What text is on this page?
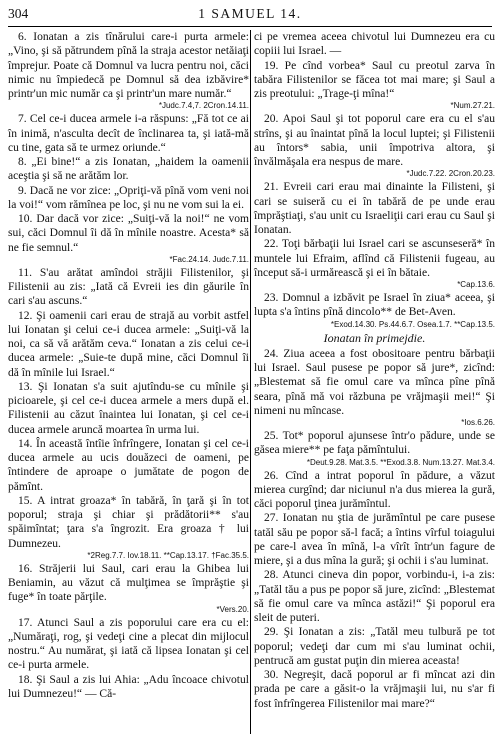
304	1 SAMUEL 14.

6. Ionatan a zis tînărului care-i purta armele: „Vino, şi să pătrundem pînă la straja acestor netăiaţi împrejur. Poate că Domnul va lucra pentru noi, căci nimic nu împiedecă pe Domnul să dea izbăvire* printr'un mic număr ca şi printr'un mare număr.“

*Judc.7.4,7. 2Cron.14.11.

7. Cel ce-i ducea armele i-a răspuns: „Fă tot ce ai în inimă, n'asculta decît de înclinarea ta, şi iată-mă cu tine, gata să te urmez oriunde.“

8. „Ei bine!“ a zis Ionatan, „haidem la oamenii aceştia şi să ne arătăm lor.

9. Dacă ne vor zice: „Opriţi-vă pînă vom veni noi la voi!“ vom rămînea pe loc, şi nu ne vom sui la ei.

10. Dar dacă vor zice: „Suiţi-vă la noi!“ ne vom sui, căci Domnul îi dă în mînile noastre. Acesta* să ne fie semnul.“

*Fac.24.14. Judc.7.11.

11. S'au arătat amîndoi străjii Filistenilor, şi Filistenii au zis: „Iată că Evreii ies din găurile în cari s'au ascuns.“

12. Şi oamenii cari erau de strajă au vorbit astfel lui Ionatan şi celui ce-i ducea armele: „Suiţi-vă la noi, ca să vă arătăm ceva.“ Ionatan a zis celui ce-i ducea armele: „Suie-te după mine, căci Domnul îi dă în mînile lui Israel.“

13. Şi Ionatan s'a suit ajutîndu-se cu mînile şi picioarele, şi cel ce-i ducea armele a mers după el. Filistenii au căzut înaintea lui Ionatan, şi cel ce-i ducea armele aruncă moartea în urma lui.

14. În această întîie înfrîngere, Ionatan şi cel ce-i ducea armele au ucis douăzeci de oameni, pe întindere de aproape o jumătate de pogon de pămînt.

15. A intrat groaza* în tabără, în ţară şi în tot poporul; straja şi chiar şi prădătorii** s'au spăimîntat; ţara s'a îngrozit. Era groaza † lui Dumnezeu.

*2Reg.7.7. Iov.18.11. **Cap.13.17. †Fac.35.5.

16. Străjerii lui Saul, cari erau la Ghibea lui Beniamin, au văzut că mulţimea se împrăştie şi fuge* în toate părţile.

*Vers.20.

17. Atunci Saul a zis poporului care era cu el: „Număraţi, rog, şi vedeţi cine a plecat din mijlocul nostru.“ Au numărat, şi iată că lipsea Ionatan şi cel ce-i purta armele.

18. Şi Saul a zis lui Ahia: „Adu încoace chivotul lui Dumnezeu!“ — Că-

ci pe vremea aceea chivotul lui Dumnezeu era cu copiii lui Israel. —

19. Pe cînd vorbea* Saul cu preotul zarva în tabăra Filistenilor se făcea tot mai mare; şi Saul a zis preotului: „Trage-ţi mîna!“

*Num.27.21.

20. Apoi Saul şi tot poporul care era cu el s'au strîns, şi au înaintat pînă la locul luptei; şi Filistenii au întors* sabia, unii împotriva altora, şi învălmăşala era nespus de mare.

*Judc.7.22. 2Cron.20.23.

21. Evreii cari erau mai dinainte la Filisteni, şi cari se suiseră cu ei în tabără de pe unde erau împrăştiaţi, s'au unit cu Israeliţii cari erau cu Saul şi Ionatan.

22. Toţi bărbaţii lui Israel cari se ascunseseră* în muntele lui Efraim, aflînd că Filistenii fugeau, au început să-i urmărească şi ei în bătaie.

*Cap.13.6.

23. Domnul a izbăvit pe Israel în ziua* aceea, şi lupta s'a întins pînă dincolo** de Bet-Aven.

*Exod.14.30. Ps.44.6.7. Osea.1.7. **Cap.13.5.
Ionatan în primejdie.

24. Ziua aceea a fost obositoare pentru bărbaţii lui Israel. Saul pusese pe popor să jure*, zicînd: „Blestemat să fie omul care va mînca pîne pînă seara, pînă mă voi răzbuna pe vrăjmaşii mei!“ Şi nimeni nu mîncase.

*Ios.6.26.

25. Tot* poporul ajunsese într'o pădure, unde se găsea miere** pe faţa pămîntului.

*Deut.9.28. Mat.3.5. **Exod.3.8. Num.13.27. Mat.3.4.

26. Cînd a intrat poporul în pădure, a văzut mierea curgînd; dar niciunul n'a dus mierea la gură, căci poporul ţinea jurămîntul.

27. Ionatan nu ştia de jurămîntul pe care pusese tatăl său pe popor să-l facă; a întins vîrful toiagului pe care-l avea în mînă, l-a vîrît într'un fagure de miere, şi a dus mîna la gură; şi ochii i s'au luminat.

28. Atunci cineva din popor, vorbindu-i, i-a zis: „Tatăl tău a pus pe popor să jure, zicînd: „Blestemat să fie omul care va mînca astăzi!“ Şi poporul era sleit de puteri.

29. Şi Ionatan a zis: „Tatăl meu tulbură pe tot poporul; vedeţi dar cum mi s'au luminat ochii, pentrucă am gustat puţin din mierea aceasta!

30. Negreşit, dacă poporul ar fi mîncat azi din prada pe care a găsit-o la vrăjmaşii lui, nu s'ar fi fost înfrîngerea Filistenilor mai mare?“
